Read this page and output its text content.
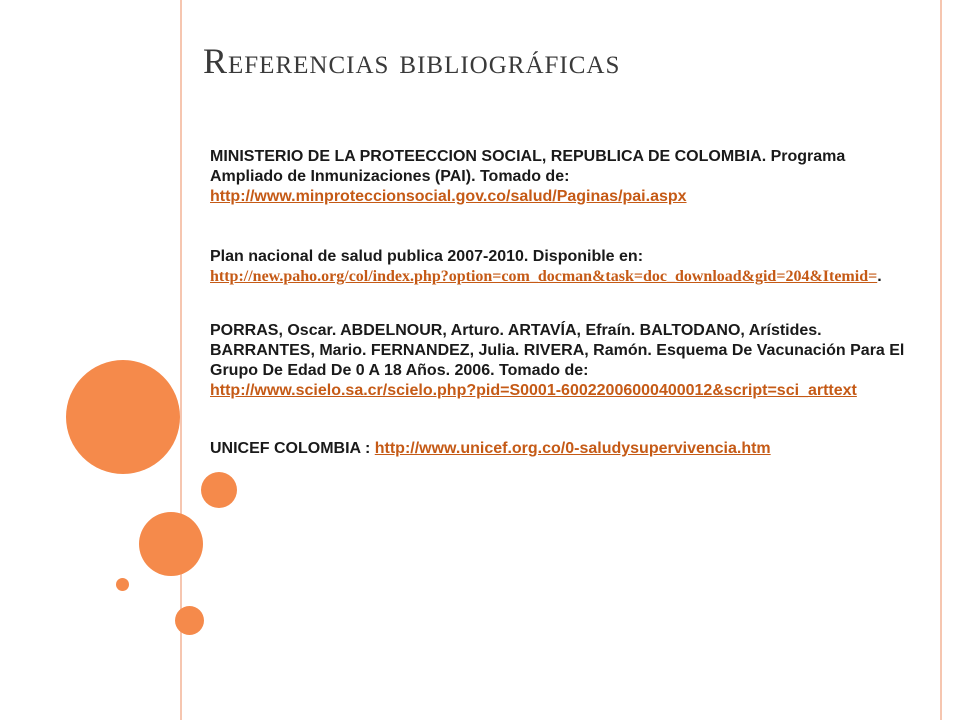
Referencias bibliográficas

MINISTERIO DE LA PROTEECCION SOCIAL, REPUBLICA DE COLOMBIA. Programa Ampliado de Inmunizaciones (PAI). Tomado de:
http://www.minproteccionsocial.gov.co/salud/Paginas/pai.aspx

Plan nacional de salud publica 2007-2010. Disponible en:
http://new.paho.org/col/index.php?option=com_docman&task=doc_download&gid=204&Itemid=.

PORRAS, Oscar. ABDELNOUR, Arturo. ARTAVÍA, Efraín. BALTODANO, Arístides. BARRANTES, Mario. FERNANDEZ, Julia. RIVERA, Ramón. Esquema De Vacunación Para El Grupo De Edad De 0 A 18 Años. 2006. Tomado de:
http://www.scielo.sa.cr/scielo.php?pid=S0001-60022006000400012&script=sci_arttext

UNICEF COLOMBIA : http://www.unicef.org.co/0-saludysupervivencia.htm
